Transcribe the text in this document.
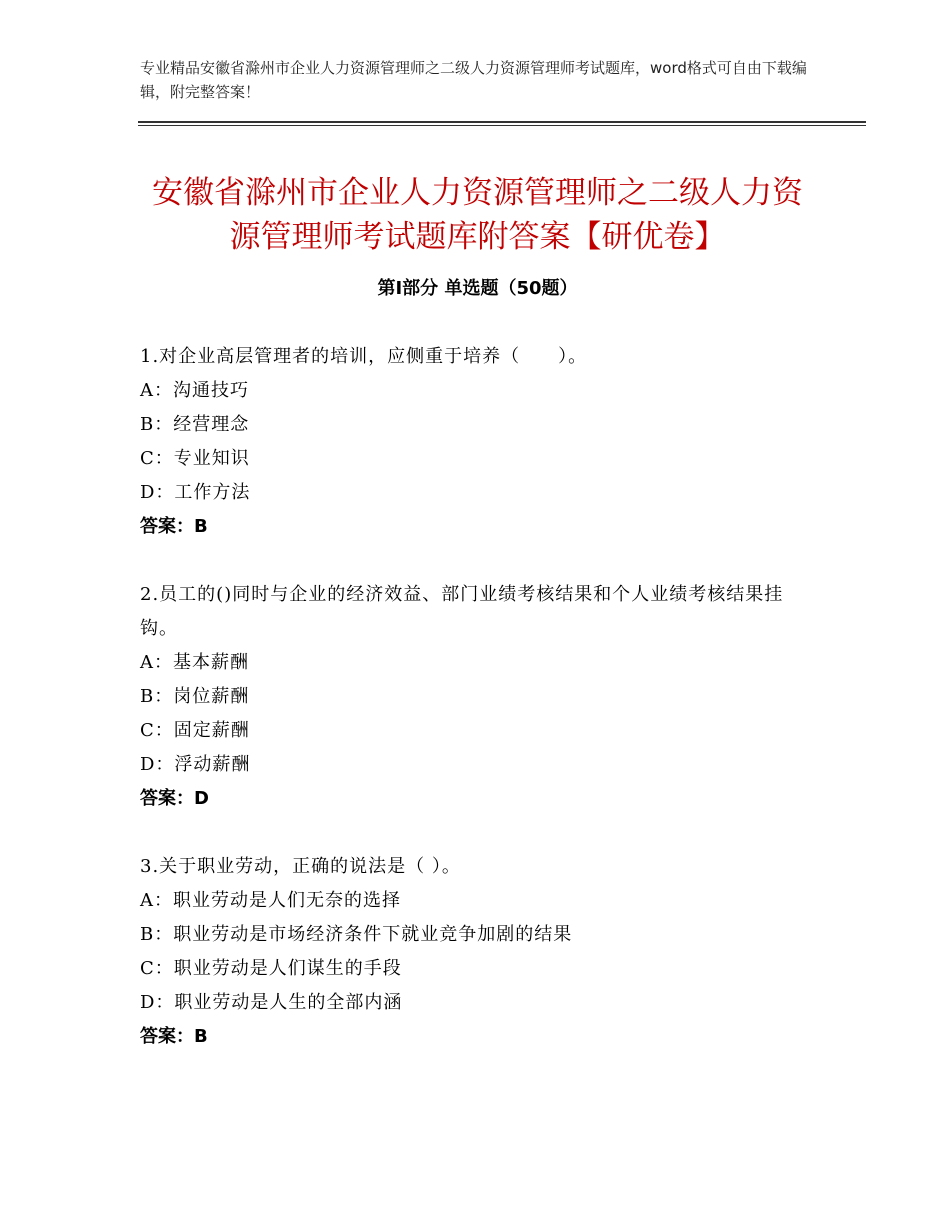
专业精品安徽省滁州市企业人力资源管理师之二级人力资源管理师考试题库，word格式可自由下载编辑，附完整答案！
安徽省滁州市企业人力资源管理师之二级人力资源管理师考试题库附答案【研优卷】
第Ⅰ部分 单选题（50题）
1.对企业高层管理者的培训，应侧重于培养（　　）。
A：沟通技巧
B：经营理念
C：专业知识
D：工作方法
答案：B
2.员工的()同时与企业的经济效益、部门业绩考核结果和个人业绩考核结果挂钩。
A：基本薪酬
B：岗位薪酬
C：固定薪酬
D：浮动薪酬
答案：D
3.关于职业劳动，正确的说法是（ ）。
A：职业劳动是人们无奈的选择
B：职业劳动是市场经济条件下就业竞争加剧的结果
C：职业劳动是人们谋生的手段
D：职业劳动是人生的全部内涵
答案：B
